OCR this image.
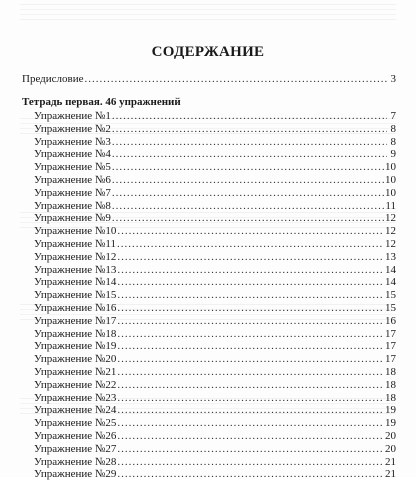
СОДЕРЖАНИЕ
Предисловие .....	3
Тетрадь первая. 46 упражнений
Упражнение №1 .....	7
Упражнение №2 .....	8
Упражнение №3 .....	8
Упражнение №4 .....	9
Упражнение №5 .....	10
Упражнение №6 .....	10
Упражнение №7 .....	10
Упражнение №8 .....	11
Упражнение №9 .....	12
Упражнение №10 .....	12
Упражнение №11 .....	12
Упражнение №12 .....	13
Упражнение №13 .....	14
Упражнение №14 .....	14
Упражнение №15 .....	15
Упражнение №16 .....	15
Упражнение №17 .....	16
Упражнение №18 .....	17
Упражнение №19 .....	17
Упражнение №20 .....	17
Упражнение №21 .....	18
Упражнение №22 .....	18
Упражнение №23 .....	18
Упражнение №24 .....	19
Упражнение №25 .....	19
Упражнение №26 .....	20
Упражнение №27 .....	20
Упражнение №28 .....	21
Упражнение №29 .....	21
